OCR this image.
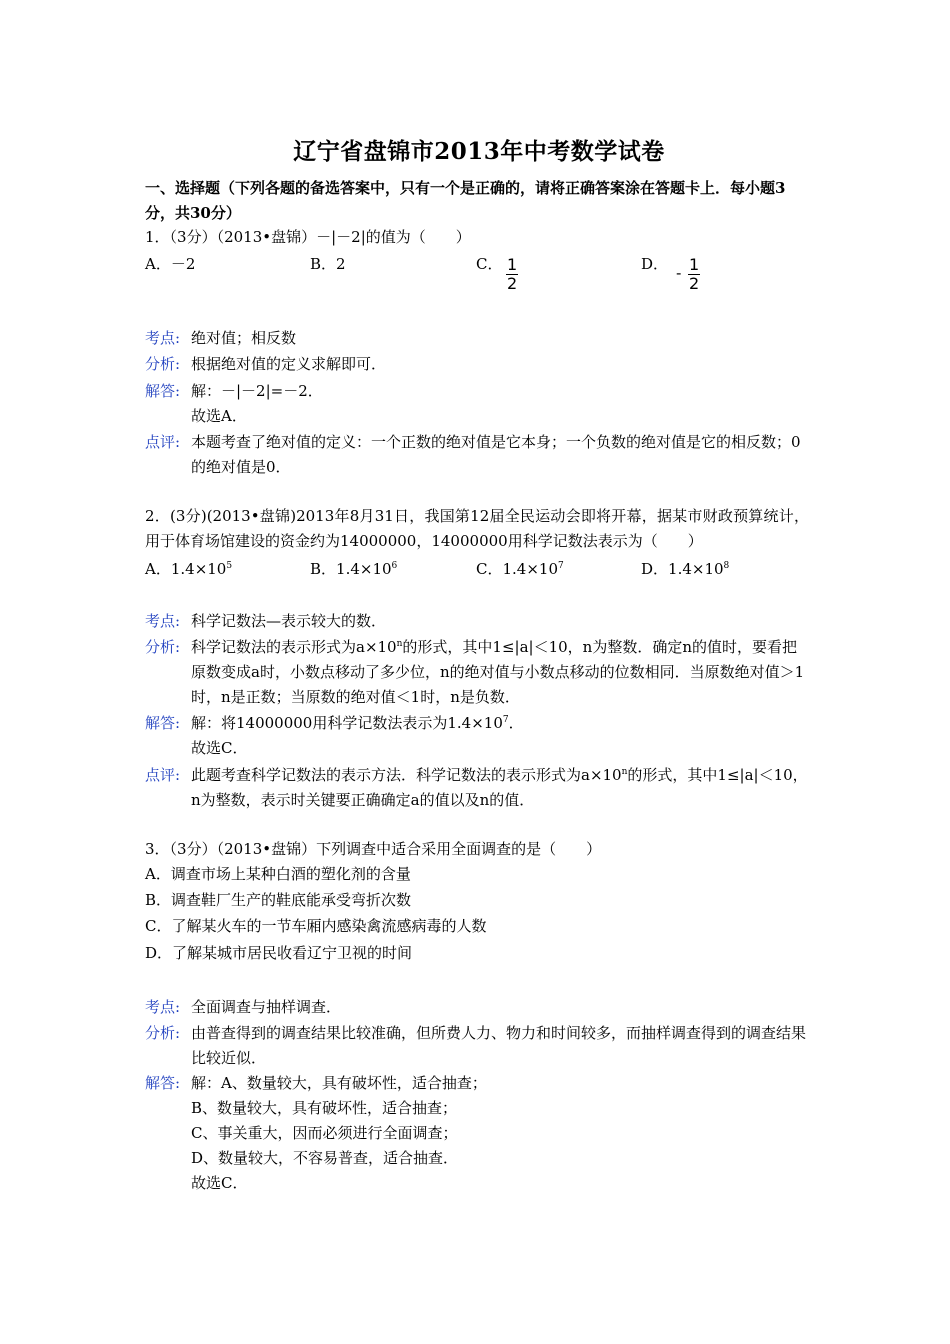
辽宁省盘锦市2013年中考数学试卷
一、选择题（下列各题的备选答案中，只有一个是正确的，请将正确答案涂在答题卡上．每小题3分，共30分）
1．（3分）（2013•盘锦）－|－2|的值为（　　）
A．－2	B．2	C． $\frac{1}{2}$	D． - $\frac{1}{2}$
考点: 绝对值；相反数
分析: 根据绝对值的定义求解即可．
解答: 解：－|－2|=－2．
故选A．
点评: 本题考查了绝对值的定义：一个正数的绝对值是它本身；一个负数的绝对值是它的相反数；0的绝对值是0．
2．(3分)(2013•盘锦)2013年8月31日，我国第12届全民运动会即将开幕，据某市财政预算统计，用于体育场馆建设的资金约为14000000，14000000用科学记数法表示为（　　）
A．$1.4\times 10^5$	B．$1.4\times 10^6$	C．$1.4\times 10^7$	D．$1.4\times 10^8$
考点: 科学记数法—表示较大的数．
分析: 科学记数法的表示形式为$a\times 10^n$的形式，其中1≤|a|＜10，n为整数．确定n的值时，要看把原数变成a时，小数点移动了多少位，n的绝对值与小数点移动的位数相同．当原数绝对值＞1时，n是正数；当原数的绝对值＜1时，n是负数．
解答: 解：将14000000用科学记数法表示为$1.4\times 10^7$．
故选C．
点评: 此题考查科学记数法的表示方法．科学记数法的表示形式为$a\times 10^n$的形式，其中1≤|a|＜10，n为整数，表示时关键要正确确定a的值以及n的值．
3．（3分）（2013•盘锦）下列调查中适合采用全面调查的是（　　）
A．调查市场上某种白酒的塑化剂的含量
B．调查鞋厂生产的鞋底能承受弯折次数
C．了解某火车的一节车厢内感染禽流感病毒的人数
D．了解某城市居民收看辽宁卫视的时间
考点: 全面调查与抽样调查．
分析: 由普查得到的调查结果比较准确，但所费人力、物力和时间较多，而抽样调查得到的调查结果比较近似．
解答: 解：A、数量较大，具有破坏性，适合抽查；
B、数量较大，具有破坏性，适合抽查；
C、事关重大，因而必须进行全面调查；
D、数量较大，不容易普查，适合抽查．
故选C．
